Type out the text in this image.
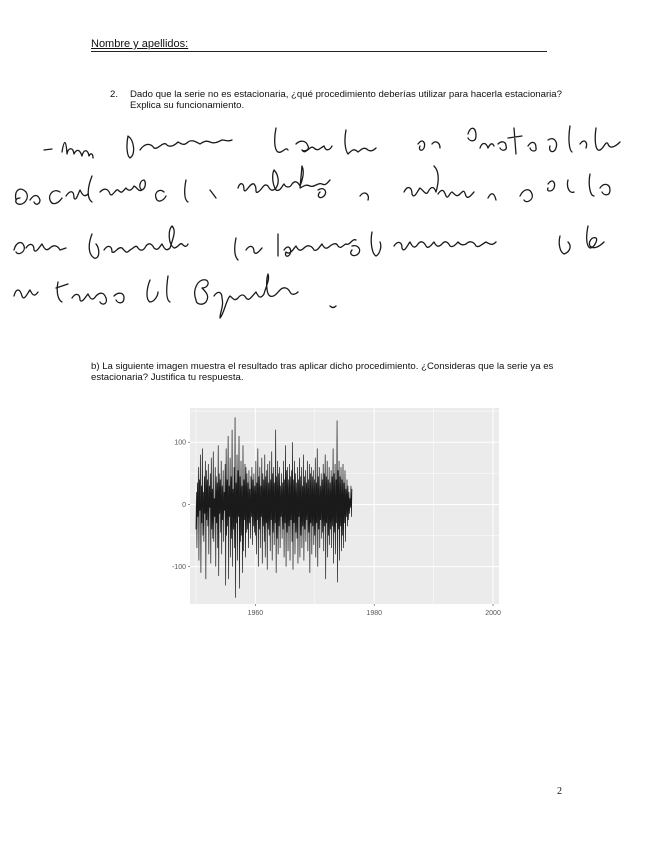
Nombre y apellidos:
2. Dado que la serie no es estacionaria, ¿qué procedimiento deberías utilizar para hacerla estacionaria? Explica su funcionamiento.
b) La siguiente imagen muestra el resultado tras aplicar dicho procedimiento. ¿Consideras que la serie ya es estacionaria? Justifica tu respuesta.
100
0
-100
1960	1980	2000
2
